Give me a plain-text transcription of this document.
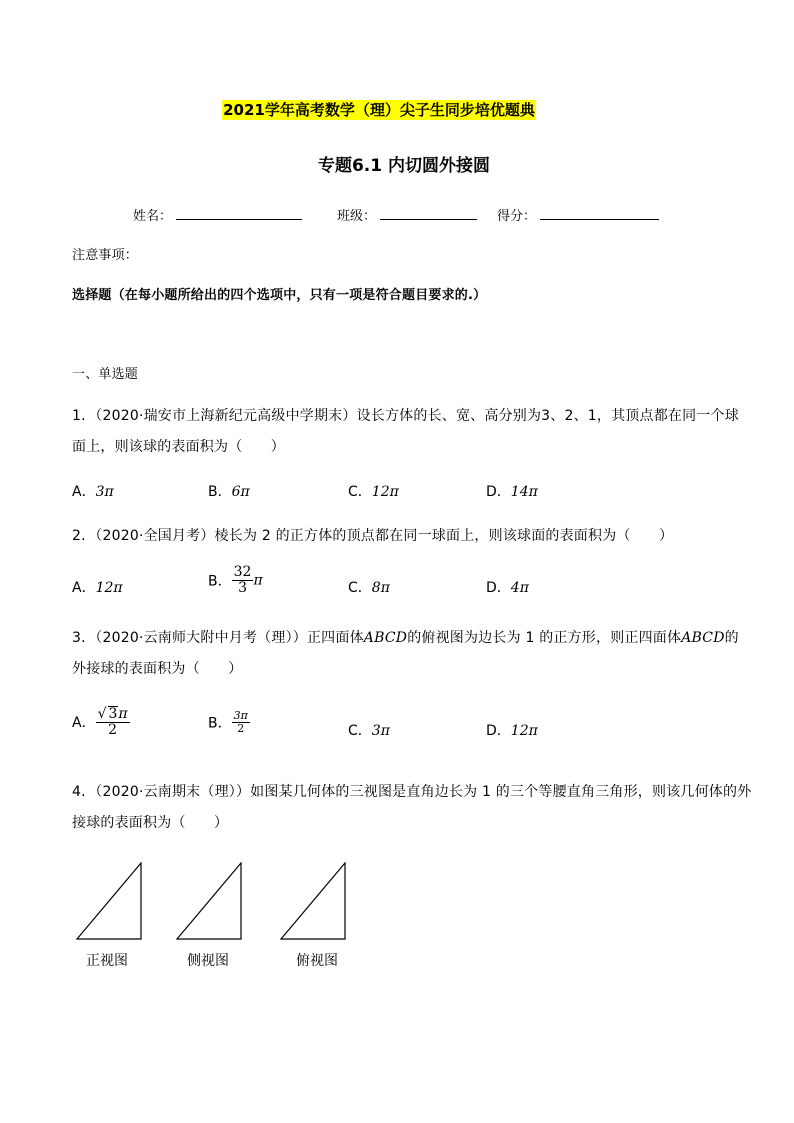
2021学年高考数学（理）尖子生同步培优题典
专题6.1 内切圆外接圆
姓名：	班级：	得分：
注意事项：
选择题（在每小题所给出的四个选项中，只有一项是符合题目要求的.）
一、单选题
1．（2020·瑞安市上海新纪元高级中学期末）设长方体的长、宽、高分别为3、2、1，其顶点都在同一个球
面上，则该球的表面积为（　　）
A．3π	B．6π	C．12π	D．14π
2．（2020·全国月考）棱长为 2 的正方体的顶点都在同一球面上，则该球面的表面积为（　　）
A．12π	B． $\frac{32}{3}$ π	C．8π	D．4π
3．（2020·云南师大附中月考（理））正四面体ABCD的俯视图为边长为 1 的正方形，则正四面体ABCD的
外接球的表面积为（　　）
A． $\frac{√ 3\pi}{2}$	B． $\frac{3\pi}{2}$	C．3π	D．12π
4．（2020·云南期末（理））如图某几何体的三视图是直角边长为 1 的三个等腰直角三角形，则该几何体的外
接球的表面积为（　　）
正视图	侧视图	俯视图
